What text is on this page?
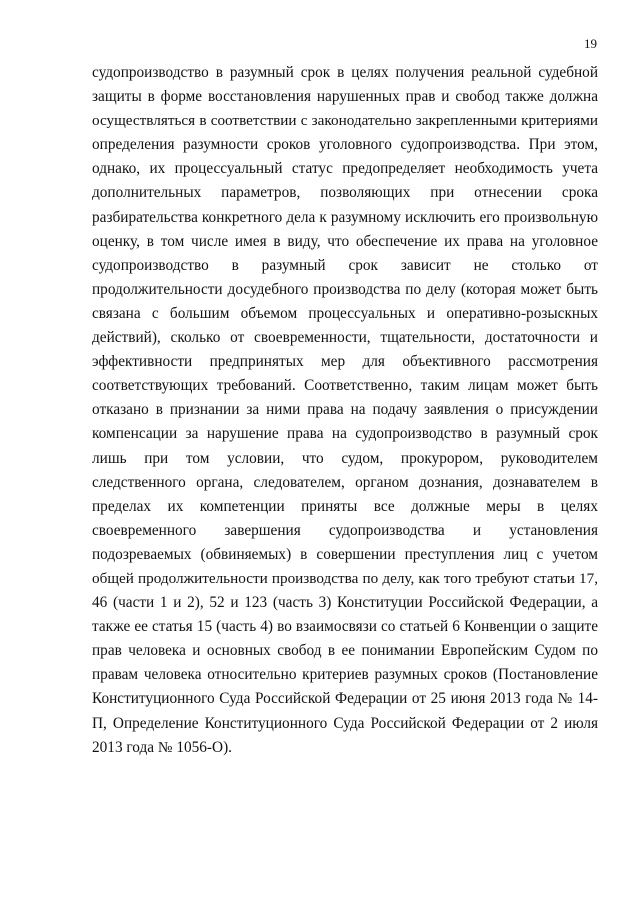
19
судопроизводство в разумный срок в целях получения реальной судебной
защиты в форме восстановления нарушенных прав и свобод также должна
осуществляться в соответствии с законодательно закрепленными критериями
определения разумности сроков уголовного судопроизводства. При этом,
однако, их процессуальный статус предопределяет необходимость учета
дополнительных параметров, позволяющих при отнесении срока
разбирательства конкретного дела к разумному исключить его произвольную
оценку, в том числе имея в виду, что обеспечение их права на уголовное
судопроизводство в разумный срок зависит не столько от
продолжительности досудебного производства по делу (которая может быть
связана с большим объемом процессуальных и оперативно-розыскных
действий), сколько от своевременности, тщательности, достаточности и
эффективности предпринятых мер для объективного рассмотрения
соответствующих требований. Соответственно, таким лицам может быть
отказано в признании за ними права на подачу заявления о присуждении
компенсации за нарушение права на судопроизводство в разумный срок
лишь при том условии, что судом, прокурором, руководителем
следственного органа, следователем, органом дознания, дознавателем в
пределах их компетенции приняты все должные меры в целях
своевременного завершения судопроизводства и установления
подозреваемых (обвиняемых) в совершении преступления лиц с учетом
общей продолжительности производства по делу, как того требуют статьи 17,
46 (части 1 и 2), 52 и 123 (часть 3) Конституции Российской Федерации, а
также ее статья 15 (часть 4) во взаимосвязи со статьей 6 Конвенции о защите
прав человека и основных свобод в ее понимании Европейским Судом по
правам человека относительно критериев разумных сроков (Постановление
Конституционного Суда Российской Федерации от 25 июня 2013 года № 14-
П, Определение Конституционного Суда Российской Федерации от 2 июля
2013 года № 1056-О).
